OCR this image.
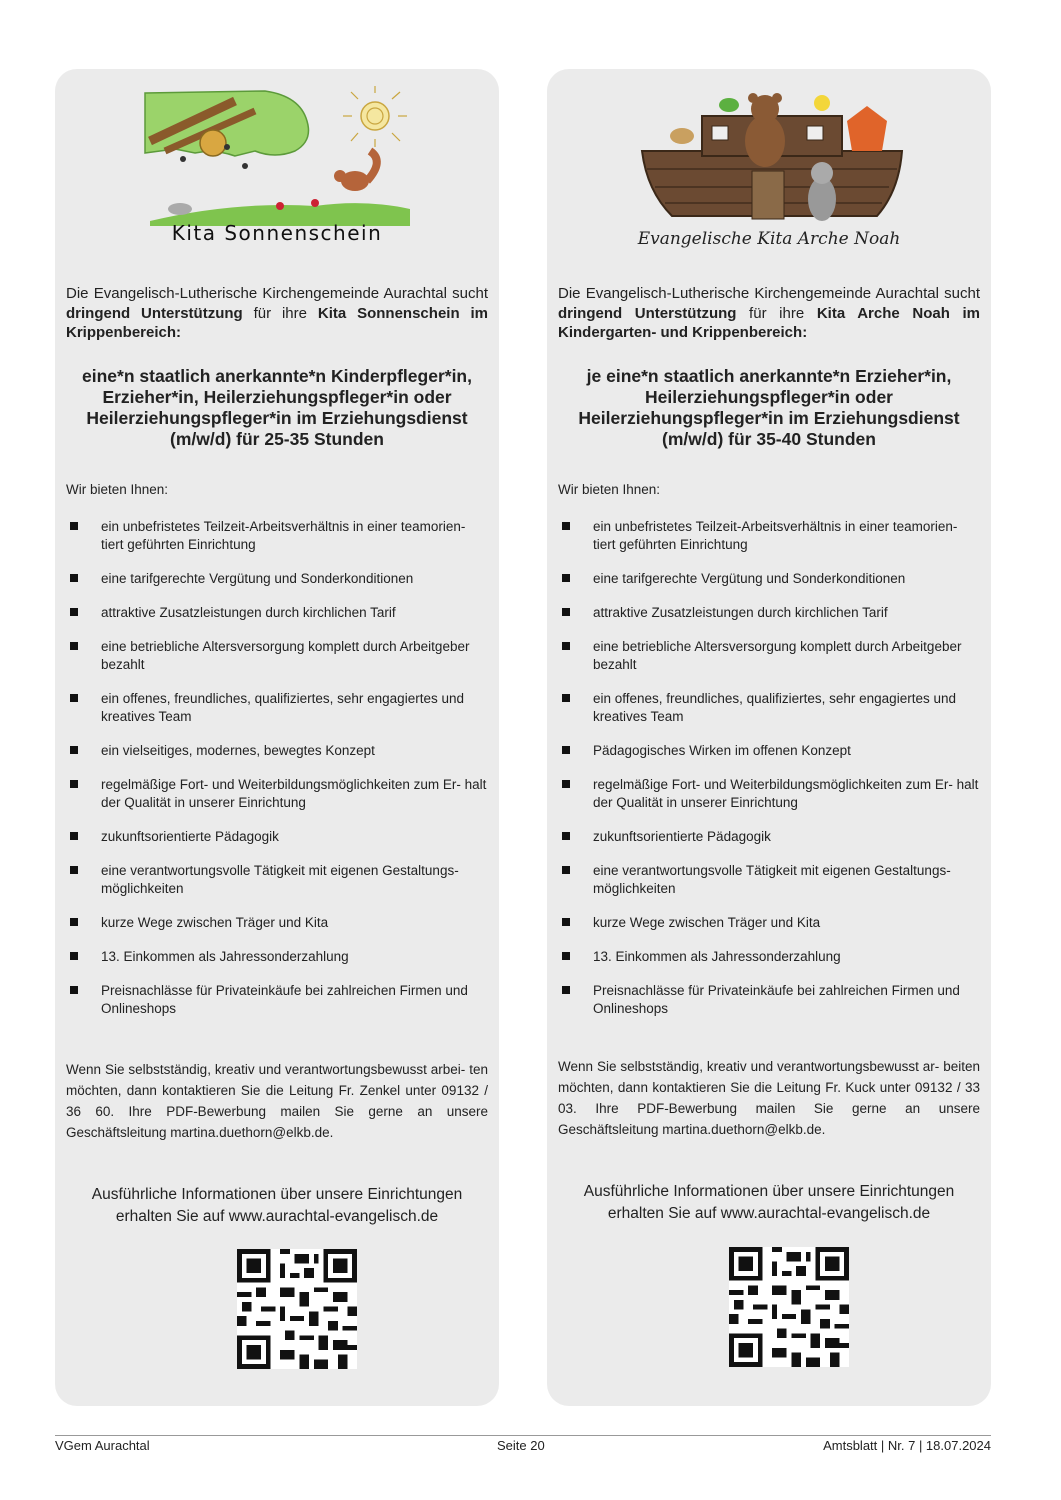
Kita Sonnenschein
Die Evangelisch-Lutherische Kirchengemeinde Aurachtal sucht dringend Unterstützung für ihre Kita Sonnenschein im Krippenbereich:
eine*n staatlich anerkannte*n Kinderpfleger*in, Erzieher*in, Heilerziehungspfleger*in oder Heilerziehungspfleger*in im Erziehungsdienst (m/w/d) für 25-35 Stunden
Wir bieten Ihnen:
ein unbefristetes Teilzeit-Arbeitsverhältnis in einer teamorien- tiert geführten Einrichtung
eine tarifgerechte Vergütung und Sonderkonditionen
attraktive Zusatzleistungen durch kirchlichen Tarif
eine betriebliche Altersversorgung komplett durch Arbeitgeber bezahlt
ein offenes, freundliches, qualifiziertes, sehr engagiertes und kreatives Team
ein vielseitiges, modernes, bewegtes Konzept
regelmäßige Fort- und Weiterbildungsmöglichkeiten zum Er- halt der Qualität in unserer Einrichtung
zukunftsorientierte Pädagogik
eine verantwortungsvolle Tätigkeit mit eigenen Gestaltungs- möglichkeiten
kurze Wege zwischen Träger und Kita
13. Einkommen als Jahressonderzahlung
Preisnachlässe für Privateinkäufe bei zahlreichen Firmen und Onlineshops
Wenn Sie selbstständig, kreativ und verantwortungsbewusst arbei- ten möchten, dann kontaktieren Sie die Leitung Fr. Zenkel unter 09132 / 36 60. Ihre PDF-Bewerbung mailen Sie gerne an unsere Geschäftsleitung martina.duethorn@elkb.de.
Ausführliche Informationen über unsere Einrichtungen erhalten Sie auf www.aurachtal-evangelisch.de
Evangelische Kita Arche Noah
Die Evangelisch-Lutherische Kirchengemeinde Aurachtal sucht dringend Unterstützung für ihre Kita Arche Noah im Kindergarten- und Krippenbereich:
je eine*n staatlich anerkannte*n Erzieher*in, Heilerziehungspfleger*in oder Heilerziehungspfleger*in im Erziehungsdienst (m/w/d) für 35-40 Stunden
Wir bieten Ihnen:
ein unbefristetes Teilzeit-Arbeitsverhältnis in einer teamorien- tiert geführten Einrichtung
eine tarifgerechte Vergütung und Sonderkonditionen
attraktive Zusatzleistungen durch kirchlichen Tarif
eine betriebliche Altersversorgung komplett durch Arbeitgeber bezahlt
ein offenes, freundliches, qualifiziertes, sehr engagiertes und kreatives Team
Pädagogisches Wirken im offenen Konzept
regelmäßige Fort- und Weiterbildungsmöglichkeiten zum Er- halt der Qualität in unserer Einrichtung
zukunftsorientierte Pädagogik
eine verantwortungsvolle Tätigkeit mit eigenen Gestaltungs- möglichkeiten
kurze Wege zwischen Träger und Kita
13. Einkommen als Jahressonderzahlung
Preisnachlässe für Privateinkäufe bei zahlreichen Firmen und Onlineshops
Wenn Sie selbstständig, kreativ und verantwortungsbewusst ar- beiten möchten, dann kontaktieren Sie die Leitung Fr. Kuck unter 09132 / 33 03. Ihre PDF-Bewerbung mailen Sie gerne an unsere Geschäftsleitung martina.duethorn@elkb.de.
Ausführliche Informationen über unsere Einrichtungen erhalten Sie auf www.aurachtal-evangelisch.de
VGem Aurachtal	Seite 20	Amtsblatt | Nr. 7 | 18.07.2024
